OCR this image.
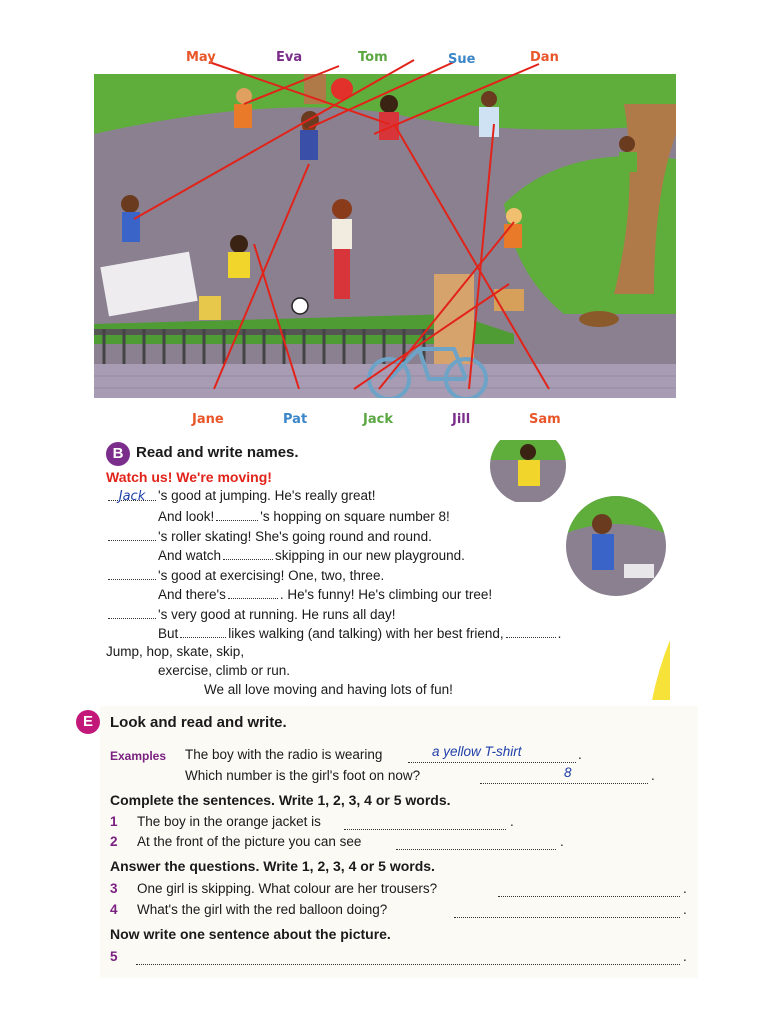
May	Eva	Tom	Sue	Dan
Jane	Pat	Jack	Jill	Sam
B Read and write names.
Watch us! We're moving!
Jack 's good at jumping. He's really great!
And look!	's hopping on square number 8!
's roller skating! She's going round and round.
And watch	skipping in our new playground.
's good at exercising! One, two, three.
And there's	. He's funny! He's climbing our tree!
's very good at running. He runs all day!
But	likes walking (and talking) with her best friend,	.
Jump, hop, skate, skip,
exercise, climb or run.
We all love moving and having lots of fun!
E	Look and read and write.
Examples The boy with the radio is wearing	a yellow T-shirt	.
Which number is the girl's foot on now?	8	.
Complete the sentences. Write 1, 2, 3, 4 or 5 words.
1 The boy in the orange jacket is	.
2 At the front of the picture you can see	.
Answer the questions. Write 1, 2, 3, 4 or 5 words.
3 One girl is skipping. What colour are her trousers?	.
4 What's the girl with the red balloon doing?	.
Now write one sentence about the picture.
5	.
